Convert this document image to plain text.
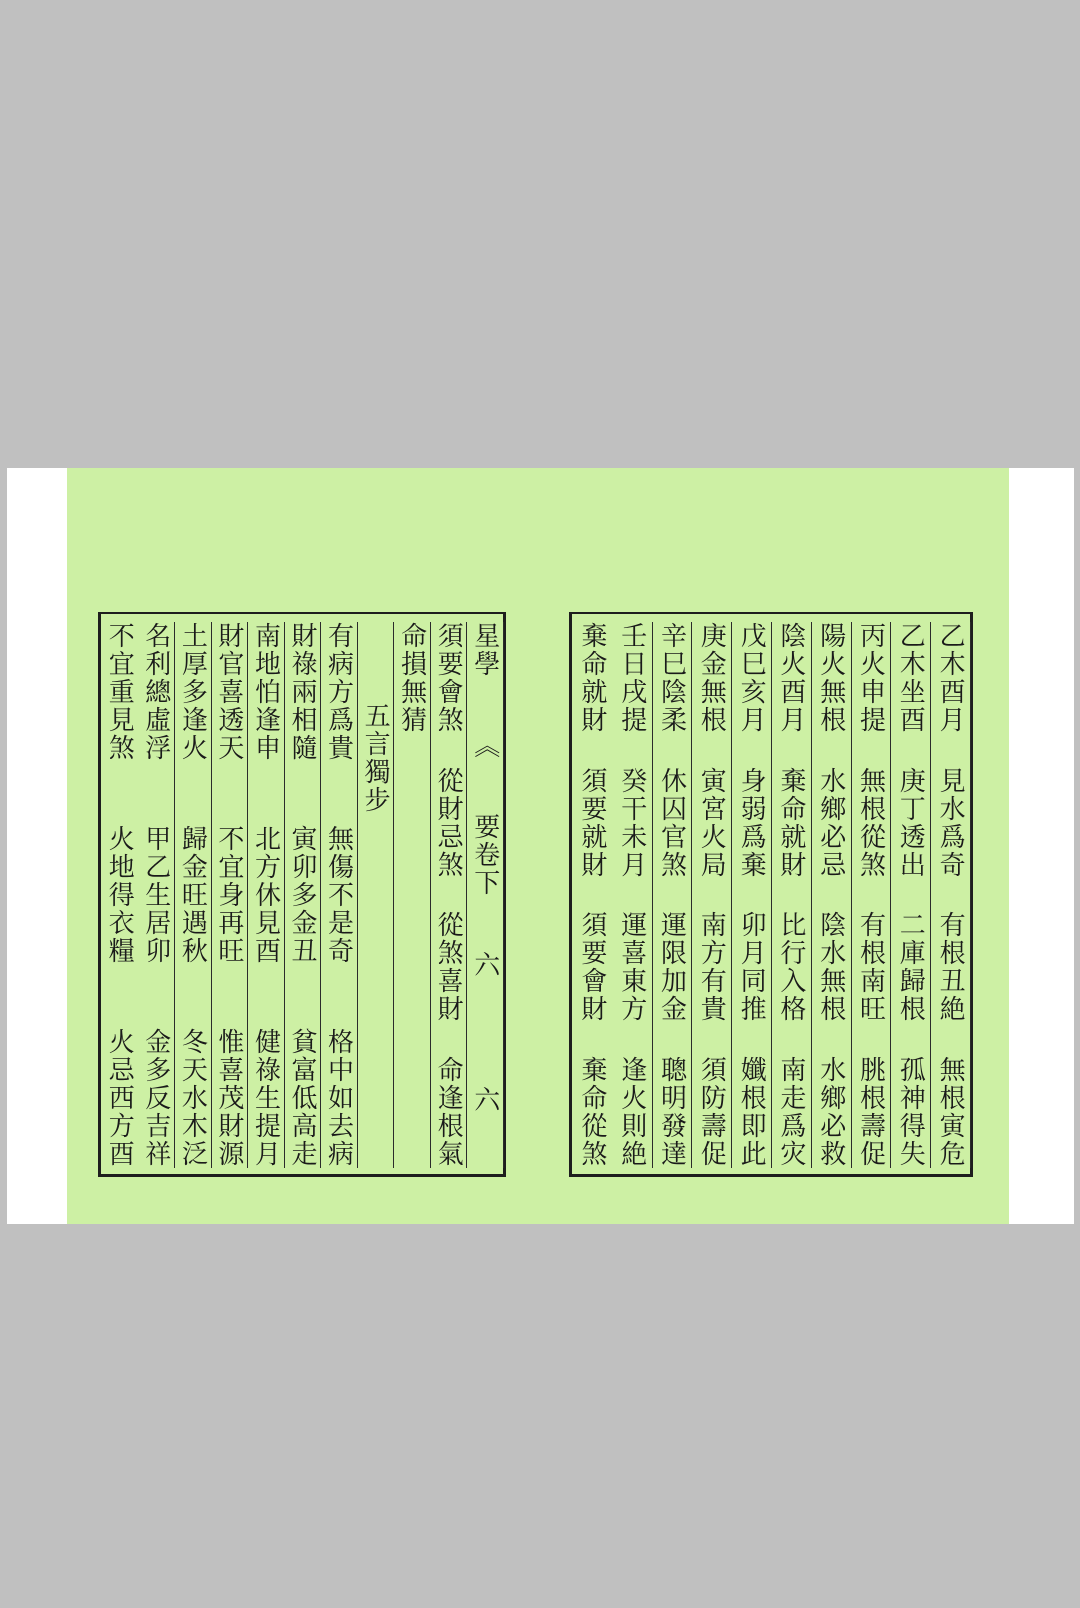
星學
《
要卷下
六
六
須要會煞
從財忌煞
從煞喜財
命逢根氣
命損無猜
五言獨步
有病方爲貴
無傷不是奇
格中如去病
財祿兩相隨
寅卯多金丑
貧富低高走
南地怕逢申
北方休見酉
健祿生提月
財官喜透天
不宜身再旺
惟喜茂財源
土厚多逢火
歸金旺遇秋
冬天水木泛
名利總虛浮
甲乙生居卯
金多反吉祥
不宜重見煞
火地得衣糧
火忌西方酉
乙木酉月
見水爲奇
有根丑絶
無根寅危
乙木坐酉
庚丁透出
二庫歸根
孤神得失
丙火申提
無根從煞
有根南旺
朓根壽促
陽火無根
水鄉必忌
陰水無根
水鄉必救
陰火酉月
棄命就財
比行入格
南走爲灾
戊巳亥月
身弱爲棄
卯月同推
孅根即此
庚金無根
寅宮火局
南方有貴
須防壽促
辛巳陰柔
休囚官煞
運限加金
聰明發達
壬日戌提
癸干未月
運喜東方
逢火則絶
棄命就財
須要就財
須要會財
棄命從煞
